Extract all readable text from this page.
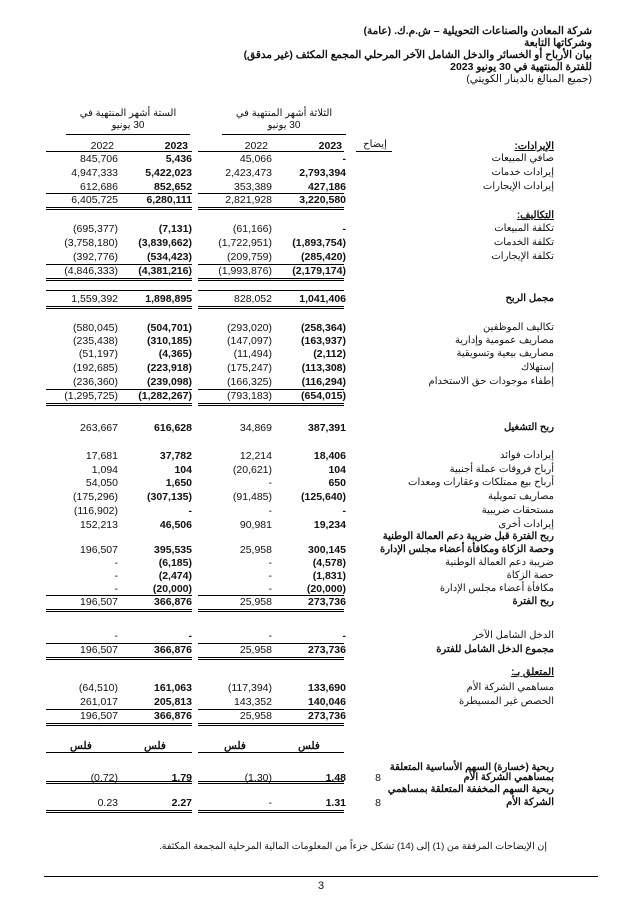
شركة المعادن والصناعات التحويلية – ش.م.ك. (عامة)
وشركاتها التابعة
بيان الأرباح أو الخسائر والدخل الشامل الآخر المرحلي المجمع المكثف (غير مدقق)
للفترة المنتهية في 30 يونيو 2023
(جميع المبالغ بالدينار الكويتي)
الستة أشهر المنتهية في
30 يونيو
الثلاثة أشهر المنتهية في
30 يونيو
2022	2023	2022	2023	إيضاح	الإيرادات:
صافي المبيعات
845,706	5,436	45,066	-
إيرادات خدمات
4,947,333	5,422,023	2,423,473	2,793,394
إيرادات الإيجارات
612,686	852,652	353,389	427,186
6,405,725	6,280,111	2,821,928	3,220,580
التكاليف:
تكلفة المبيعات
(695,377)	(7,131)	(61,166)	-
تكلفة الخدمات
(3,758,180)	(3,839,662)	(1,722,951)	(1,893,754)
تكلفة الإيجارات
(392,776)	(534,423)	(209,759)	(285,420)
(4,846,333)	(4,381,216)	(1,993,876)	(2,179,174)
مجمل الربح
1,559,392	1,898,895	828,052	1,041,406
تكاليف الموظفين
(580,045)	(504,701)	(293,020)	(258,364)
مصاريف عمومية وإدارية
(235,438)	(310,185)	(147,097)	(163,937)
مصاريف بيعية وتسويقية
(51,197)	(4,365)	(11,494)	(2,112)
إستهلاك
(192,685)	(223,918)	(175,247)	(113,308)
إطفاء موجودات حق الاستخدام
(236,360)	(239,098)	(166,325)	(116,294)
(1,295,725)	(1,282,267)	(793,183)	(654,015)
ربح التشغيل
263,667	616,628	34,869	387,391
إيرادات فوائد
17,681	37,782	12,214	18,406
أرباح فروقات عملة أجنبية
1,094	104	(20,621)	104
أرباح بيع ممتلكات وعقارات ومعدات
54,050	1,650	-	650
مصاريف تمويلية
(175,296)	(307,135)	(91,485)	(125,640)
مستحقات ضريبية
(116,902)	-	-	-
إيرادات أخرى
152,213	46,506	90,981	19,234
ربح الفترة قبل ضريبة دعم العمالة الوطنية
وحصة الزكاة ومكافأة أعضاء مجلس الإدارة
196,507	395,535	25,958	300,145
ضريبة دعم العمالة الوطنية
-	(6,185)	-	(4,578)
حصة الزكاة
-	(2,474)	-	(1,831)
مكافأة أعضاء مجلس الإدارة
-	(20,000)	-	(20,000)
ربح الفترة
196,507	366,876	25,958	273,736
الدخل الشامل الآخر
-	-	-	-
مجموع الدخل الشامل للفترة
196,507	366,876	25,958	273,736
المتعلق بـ:
مساهمي الشركة الأم
(64,510)	161,063	(117,394)	133,690
الحصص غير المسيطرة
261,017	205,813	143,352	140,046
196,507	366,876	25,958	273,736
فلس	فلس	فلس	فلس
ربحية (خسارة) السهم الأساسية المتعلقة
بمساهمي الشركة الأم
8
(0.72)	1.79	(1.30)	1.48
ربحية السهم المخففة المتعلقة بمساهمي
الشركة الأم
8
0.23	2.27	-	1.31
إن الإيضاحات المرفقة من (1) إلى (14) تشكل جزءاً من المعلومات المالية المرحلية المجمعة المكثفة.
3
